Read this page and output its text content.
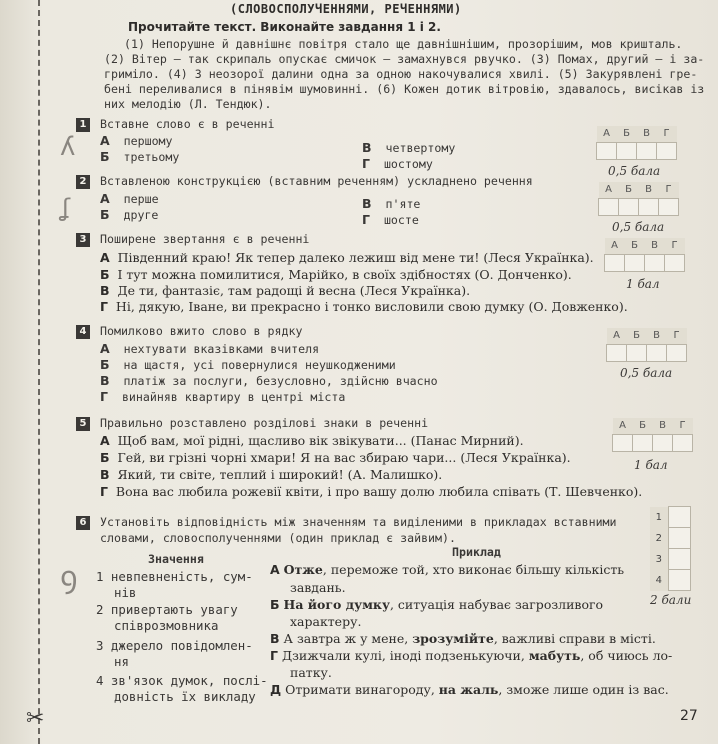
✂
ʎ
ʆ
ꝯ
(СЛОВОСПОЛУЧЕННЯМИ, РЕЧЕННЯМИ)
Прочитайте текст. Виконайте завдання 1 і 2.
(1) Непорушне й давнішнє повітря стало ще давнішнішим, прозорішим, мов кришталь.
(2) Вітер – так скрипаль опускає смичок – замахнувся рвучко. (3) Помах, другий – і за-
гриміло. (4) З неозорої далини одна за одною накочувалися хвилі. (5) Закурявлені гре-
бені переливалися в пінявім шумовинні. (6) Кожен дотик вітровію, здавалось, висікав із
них мелодію (Л. Тендюк).
1	Вставне слово є в реченні
А першому
Б третьому
В четвертому
Г шостому
А	Б	В	Г

0,5 бала
2	Вставленою конструкцією (вставним реченням) ускладнено речення
А перше
Б друге
В п'яте
Г шосте
А	Б	В	Г

0,5 бала
3	Поширене звертання є в реченні
А Південний краю! Як тепер далеко лежиш від мене ти! (Леся Українка).
Б І тут можна помилитися, Марійко, в своїх здібностях (О. Донченко).
В Де ти, фантазіє, там радощі й весна (Леся Українка).
Г Ні, дякую, Іване, ви прекрасно і тонко висловили свою думку (О. Довженко).
А	Б	В	Г

1 бал
4	Помилково вжито слово в рядку
А нехтувати вказівками вчителя
Б на щастя, усі повернулися неушкодженими
В платіж за послуги, безусловно, здійсню вчасно
Г винайняв квартиру в центрі міста
А	Б	В	Г

0,5 бала
5	Правильно розставлено розділові знаки в реченні
А Щоб вам, мої рідні, щасливо вік звікувати... (Панас Мирний).
Б Гей, ви грізні чорні хмари! Я на вас збираю чари... (Леся Українка).
В Який, ти світе, теплий і широкий! (А. Малишко).
Г Вона вас любила рожевії квіти, і про вашу долю любила співать (Т. Шевченко).
А	Б	В	Г

1 бал
6	Установіть відповідність між значенням та виділеними в прикладах вставними
словами, словосполученнями (один приклад є зайвим).
Значення	Приклад
1 невпевненість, сум-
нів
2 привертають увагу
співрозмовника
3 джерело повідомлен-
ня
4 зв'язок думок, послі-
довність їх викладу
А Отже, переможе той, хто виконає більшу кількість
завдань.
Б На його думку, ситуація набуває загрозливого
характеру.
В А завтра ж у мене, зрозумійте, важливі справи в місті.
Г Дзижчали кулі, іноді подзенькуючи, мабуть, об чиюсь ло-
патку.
Д Отримати винагороду, на жаль, зможе лише один із вас.
1	
2	
3	
4	
2 бали
27
